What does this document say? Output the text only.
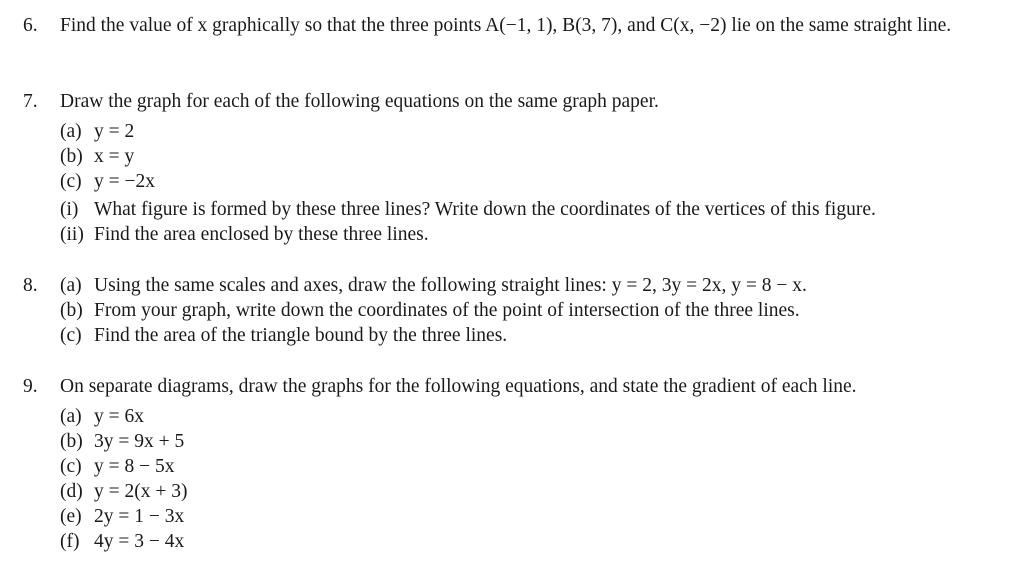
6.	Find the value of x graphically so that the three points A(−1, 1), B(3, 7), and C(x, −2) lie on the same straight line.
7.	Draw the graph for each of the following equations on the same graph paper.
(a) y = 2
(b) x = y
(c) y = −2x
(i) What figure is formed by these three lines? Write down the coordinates of the vertices of this figure.
(ii) Find the area enclosed by these three lines.
8.	(a) Using the same scales and axes, draw the following straight lines: y = 2, 3y = 2x, y = 8 − x.
(b) From your graph, write down the coordinates of the point of intersection of the three lines.
(c) Find the area of the triangle bound by the three lines.
9.	On separate diagrams, draw the graphs for the following equations, and state the gradient of each line.
(a) y = 6x
(b) 3y = 9x + 5
(c) y = 8 − 5x
(d) y = 2(x + 3)
(e) 2y = 1 − 3x
(f) 4y = 3 − 4x
